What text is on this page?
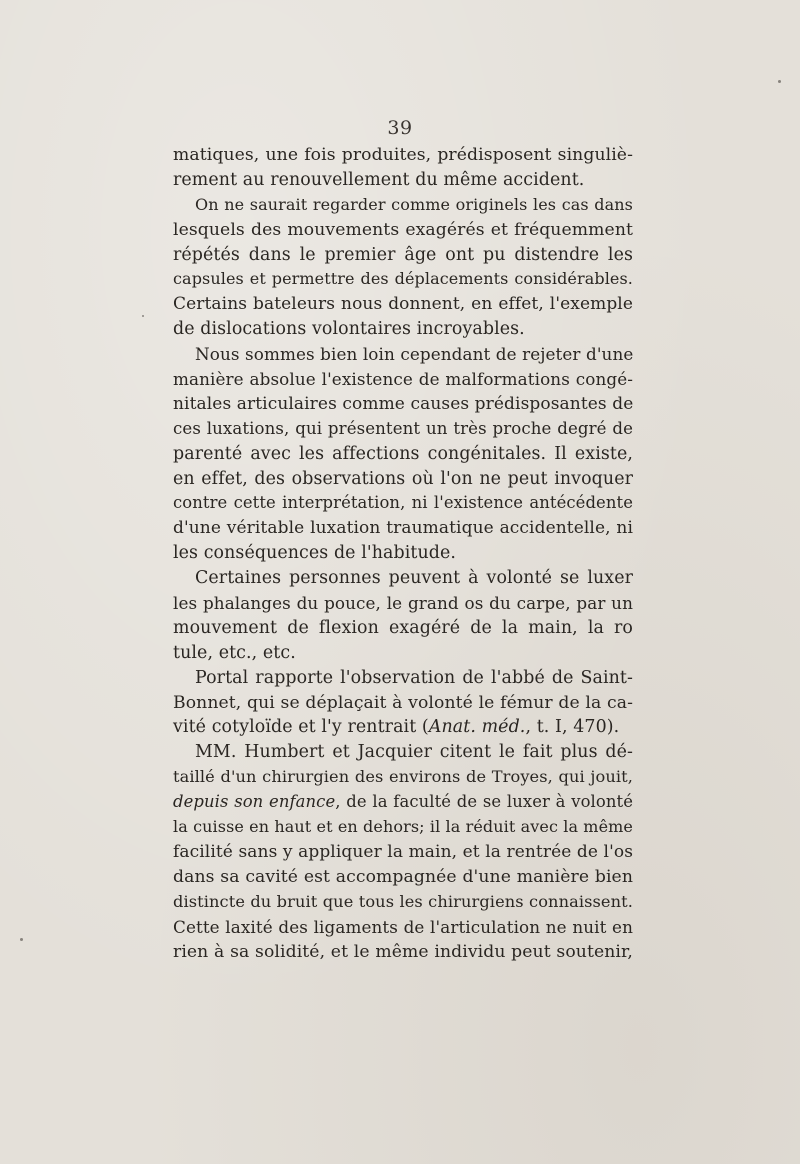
39
matiques, une fois produites, prédisposent singuliè-
rement au renouvellement du même accident.
On ne saurait regarder comme originels les cas dans
lesquels des mouvements exagérés et fréquemment
répétés dans le premier âge ont pu distendre les
capsules et permettre des déplacements considérables.
Certains bateleurs nous donnent, en effet, l'exemple
de dislocations volontaires incroyables.
Nous sommes bien loin cependant de rejeter d'une
manière absolue l'existence de malformations congé-
nitales articulaires comme causes prédisposantes de
ces luxations, qui présentent un très proche degré de
parenté avec les affections congénitales. Il existe,
en effet, des observations où l'on ne peut invoquer
contre cette interprétation, ni l'existence antécédente
d'une véritable luxation traumatique accidentelle, ni
les conséquences de l'habitude.
Certaines personnes peuvent à volonté se luxer
les phalanges du pouce, le grand os du carpe, par un
mouvement de flexion exagéré de la main, la ro
tule, etc., etc.
Portal rapporte l'observation de l'abbé de Saint-
Bonnet, qui se déplaçait à volonté le fémur de la ca-
vité cotyloïde et l'y rentrait (Anat. méd., t. I, 470).
MM. Humbert et Jacquier citent le fait plus dé-
taillé d'un chirurgien des environs de Troyes, qui jouit,
depuis son enfance, de la faculté de se luxer à volonté
la cuisse en haut et en dehors; il la réduit avec la même
facilité sans y appliquer la main, et la rentrée de l'os
dans sa cavité est accompagnée d'une manière bien
distincte du bruit que tous les chirurgiens connaissent.
Cette laxité des ligaments de l'articulation ne nuit en
rien à sa solidité, et le même individu peut soutenir,
